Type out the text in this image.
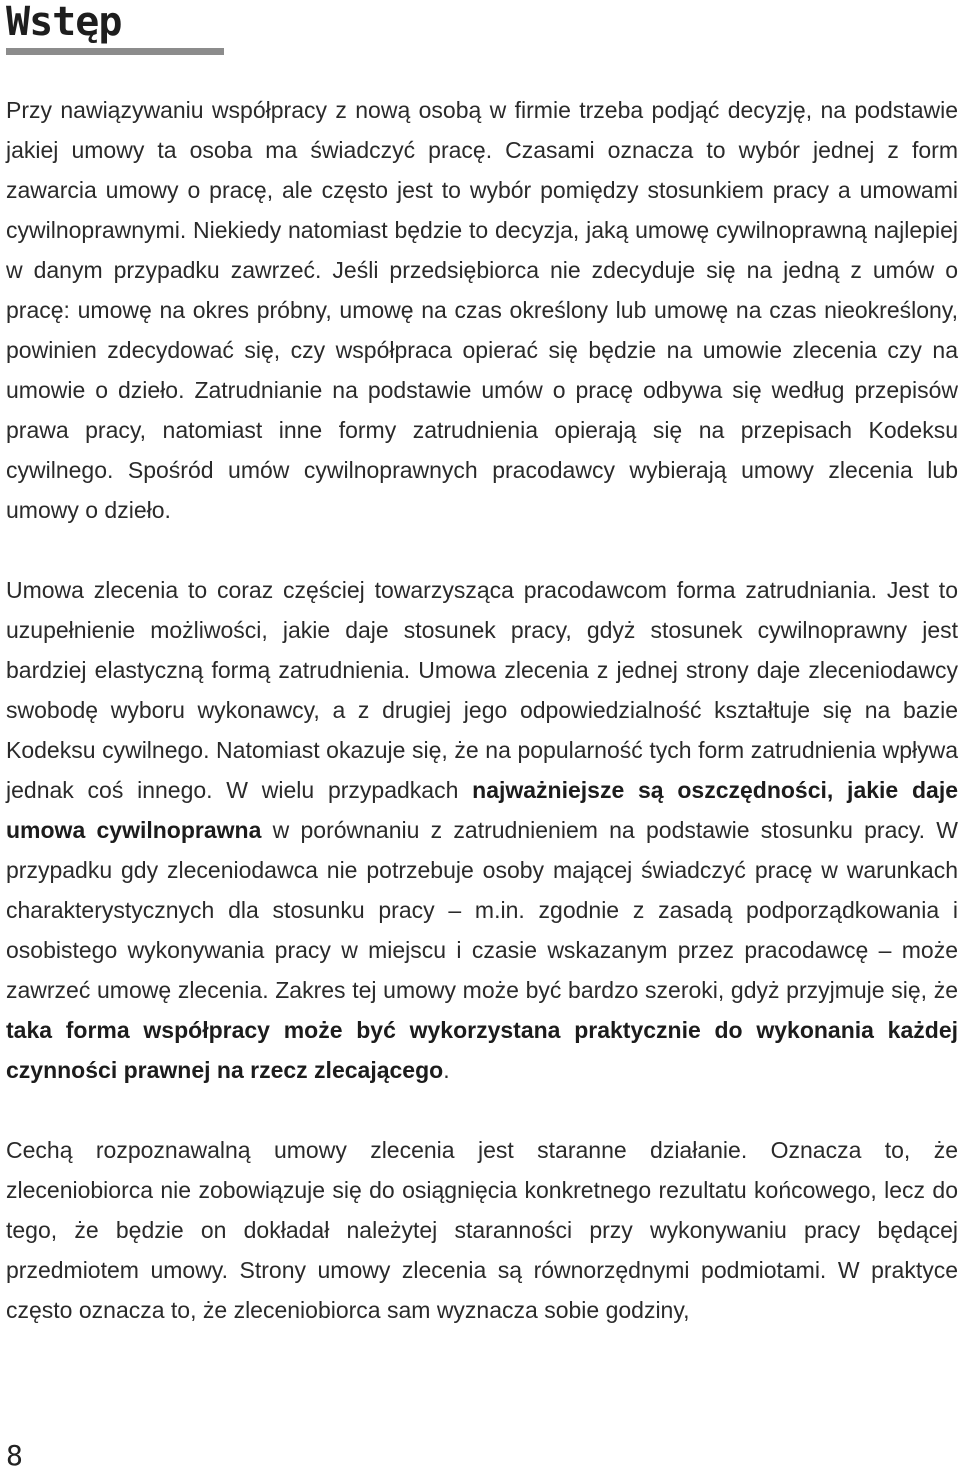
Wstęp

Przy nawiązywaniu współpracy z nową osobą w firmie trzeba podjąć decyzję, na podstawie jakiej umowy ta osoba ma świadczyć pracę. Czasami oznacza to wybór jednej z form zawarcia umowy o pracę, ale często jest to wybór pomiędzy stosunkiem pracy a umowami cywilnoprawnymi. Niekiedy natomiast będzie to decyzja, jaką umowę cywilnoprawną najlepiej w danym przypadku zawrzeć. Jeśli przedsiębiorca nie zdecyduje się na jedną z umów o pracę: umowę na okres próbny, umowę na czas określony lub umowę na czas nieokreślony, powinien zdecydować się, czy współpraca opierać się będzie na umowie zlecenia czy na umowie o dzieło. Zatrudnianie na podstawie umów o pracę odbywa się według przepisów prawa pracy, natomiast inne formy zatrudnienia opierają się na przepisach Kodeksu cywilnego. Spośród umów cywilnoprawnych pracodawcy wybierają umowy zlecenia lub umowy o dzieło.

Umowa zlecenia to coraz częściej towarzysząca pracodawcom forma zatrudniania. Jest to uzupełnienie możliwości, jakie daje stosunek pracy, gdyż stosunek cywilnoprawny jest bardziej elastyczną formą zatrudnienia. Umowa zlecenia z jednej strony daje zleceniodawcy swobodę wyboru wykonawcy, a z drugiej jego odpowiedzialność kształtuje się na bazie Kodeksu cywilnego. Natomiast okazuje się, że na popularność tych form zatrudnienia wpływa jednak coś innego. W wielu przypadkach najważniejsze są oszczędności, jakie daje umowa cywilnoprawna w porównaniu z zatrudnieniem na podstawie stosunku pracy. W przypadku gdy zleceniodawca nie potrzebuje osoby mającej świadczyć pracę w warunkach charakterystycznych dla stosunku pracy – m.in. zgodnie z zasadą podporządkowania i osobistego wykonywania pracy w miejscu i czasie wskazanym przez pracodawcę – może zawrzeć umowę zlecenia. Zakres tej umowy może być bardzo szeroki, gdyż przyjmuje się, że taka forma współpracy może być wykorzystana praktycznie do wykonania każdej czynności prawnej na rzecz zlecającego.

Cechą rozpoznawalną umowy zlecenia jest staranne działanie. Oznacza to, że zleceniobiorca nie zobowiązuje się do osiągnięcia konkretnego rezultatu końcowego, lecz do tego, że będzie on dokładał należytej staranności przy wykonywaniu pracy będącej przedmiotem umowy. Strony umowy zlecenia są równorzędnymi podmiotami. W praktyce często oznacza to, że zleceniobiorca sam wyznacza sobie godziny,

8
